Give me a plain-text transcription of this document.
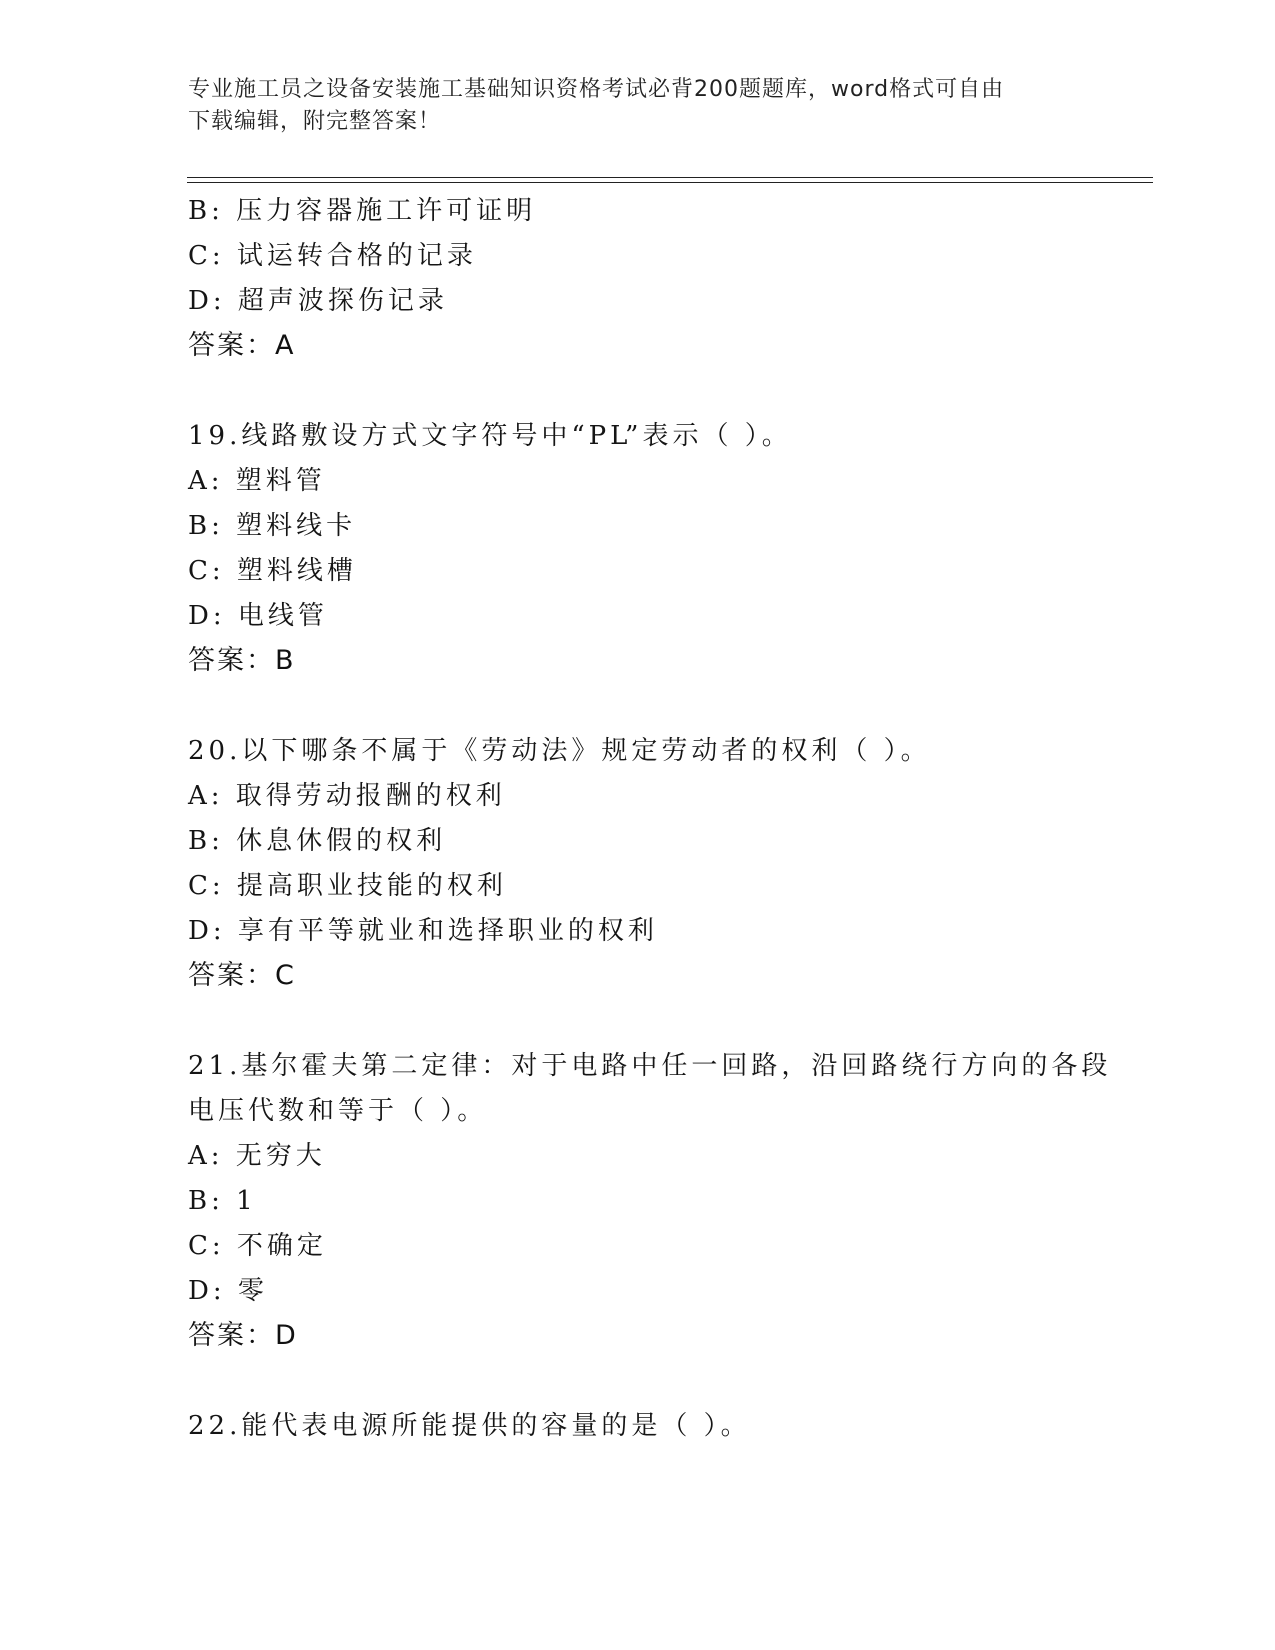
专业施工员之设备安装施工基础知识资格考试必背200题题库，word格式可自由
下载编辑，附完整答案！
B: 压力容器施工许可证明
C: 试运转合格的记录
D: 超声波探伤记录
答案：A
19.线路敷设方式文字符号中“PL”表示（ ）。
A: 塑料管
B: 塑料线卡
C: 塑料线槽
D: 电线管
答案：B
20.以下哪条不属于《劳动法》规定劳动者的权利（ ）。
A: 取得劳动报酬的权利
B: 休息休假的权利
C: 提高职业技能的权利
D: 享有平等就业和选择职业的权利
答案：C
21.基尔霍夫第二定律：对于电路中任一回路，沿回路绕行方向的各段
电压代数和等于（ ）。
A: 无穷大
B: 1
C: 不确定
D: 零
答案：D
22.能代表电源所能提供的容量的是（ ）。
